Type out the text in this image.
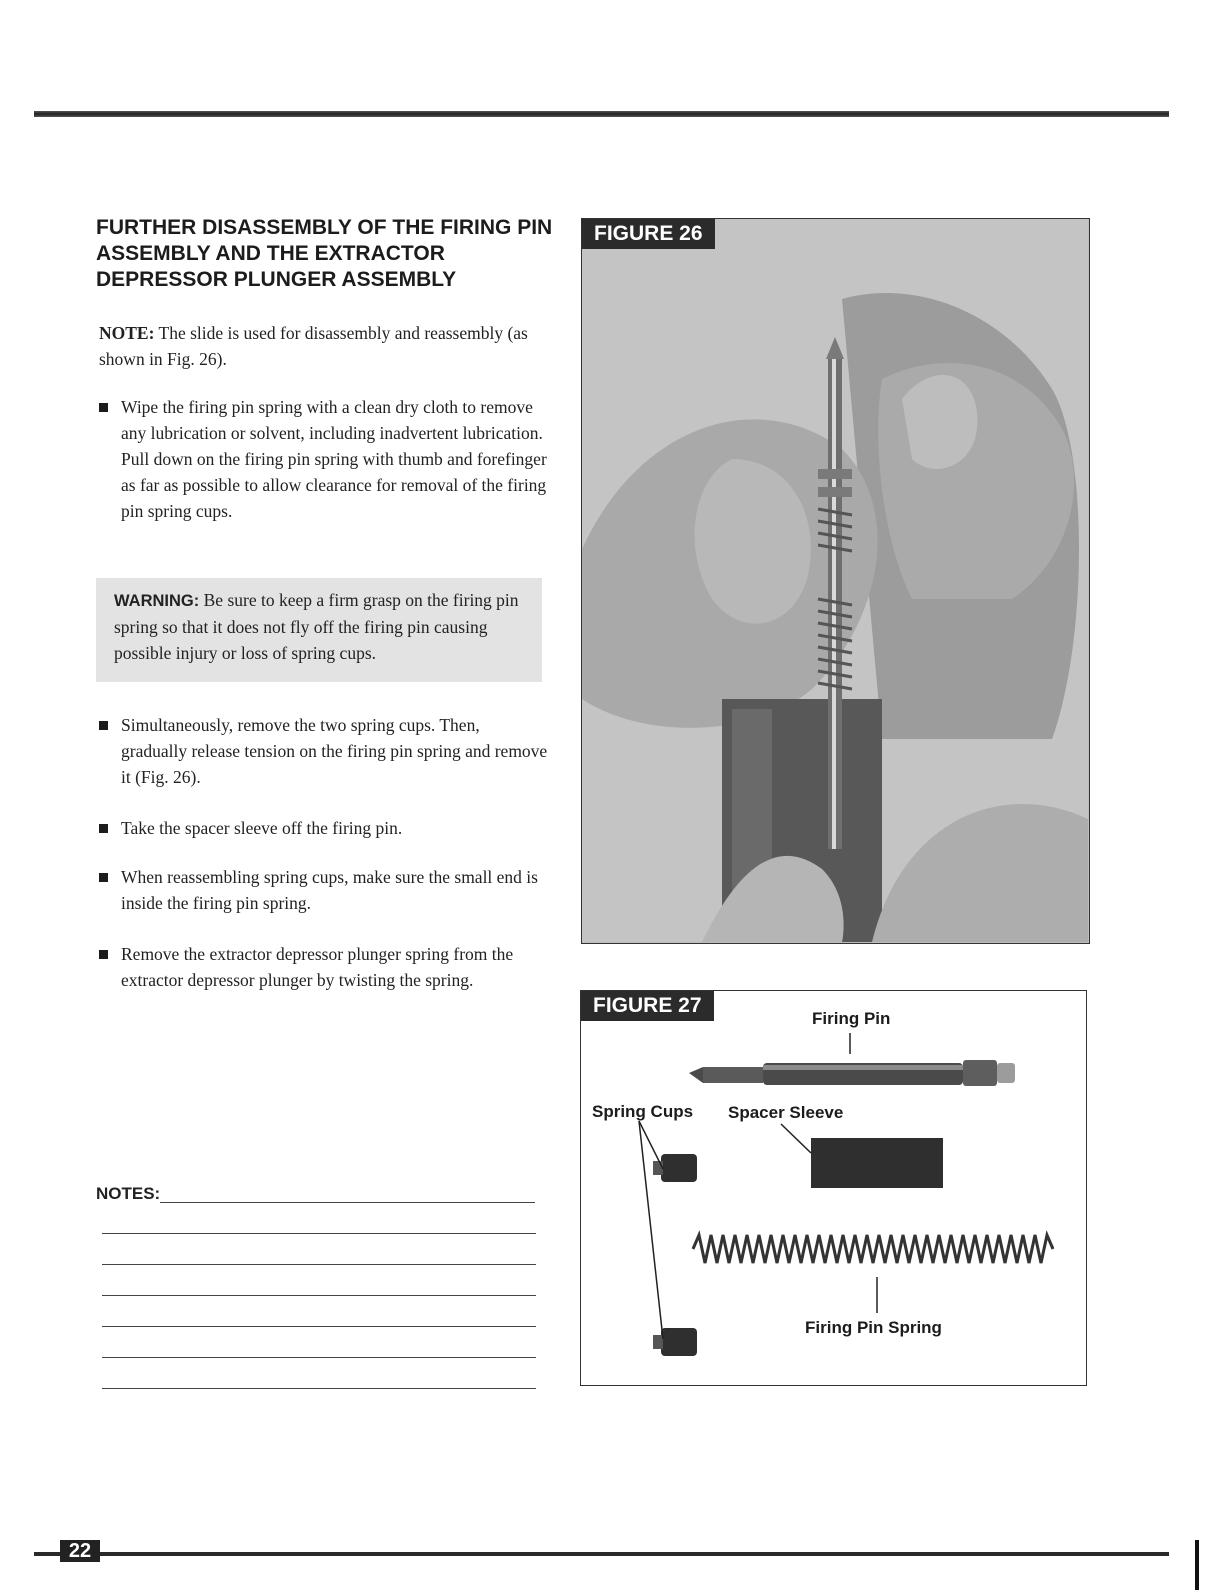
FURTHER DISASSEMBLY OF THE FIRING PIN ASSEMBLY AND THE EXTRACTOR DEPRESSOR PLUNGER ASSEMBLY

NOTE: The slide is used for disassembly and reassembly (as shown in Fig. 26).

Wipe the firing pin spring with a clean dry cloth to remove any lubrication or solvent, including inadvertent lubrication. Pull down on the firing pin spring with thumb and forefinger as far as possible to allow clearance for removal of the firing pin spring cups.
WARNING: Be sure to keep a firm grasp on the firing pin spring so that it does not fly off the firing pin causing possible injury or loss of spring cups.
Simultaneously, remove the two spring cups. Then, gradually release tension on the firing pin spring and remove it (Fig. 26).
Take the spacer sleeve off the firing pin.
When reassembling spring cups, make sure the small end is inside the firing pin spring.
Remove the extractor depressor plunger spring from the extractor depressor plunger by twisting the spring.
NOTES:
FIGURE 26
FIGURE 27
Firing Pin
Spring Cups Spacer Sleeve
Firing Pin Spring
22
